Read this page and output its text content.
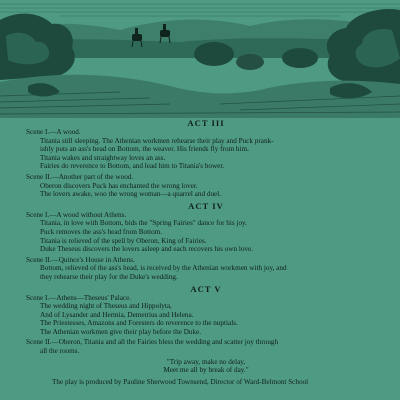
ACT III
Scene I.—A wood.
Titania still sleeping. The Athenian workmen rehearse their play and Puck prank-
ishly puts an ass's head on Bottom, the weaver. His friends fly from him.
Titania wakes and straightway loves an ass.
Fairies do reverence to Bottom, and lead him to Titania's bower.
Scene II.—Another part of the wood.
Oberon discovers Puck has enchanted the wrong lover.
The lovers awake, woo the wrong woman—a quarrel and duel.
ACT IV
Scene I.—A wood without Athens.
Titania, in love with Bottom, bids the "Spring Fairies" dance for his joy.
Puck removes the ass's head from Bottom.
Titania is relieved of the spell by Oberon, King of Fairies.
Duke Theseus discovers the lovers asleep and each recovers his own love.
Scene II.—Quince's House in Athens.
Bottom, relieved of the ass's head, is received by the Athenian workmen with joy, and
they rehearse their play for the Duke's wedding.
ACT V
Scene I.—Athens—Theseus' Palace.
The wedding night of Theseus and Hippolyta,
And of Lysander and Hermia, Demetrius and Helena.
The Priestesses, Amazons and Foresters do reverence to the nuptials.
The Athenian workmen give their play before the Duke.
Scene II.—Oberon, Titania and all the Fairies bless the wedding and scatter joy through
all the rooms.
"Trip away, make no delay,
Meet me all by break of day."
The play is produced by Pauline Sherwood Townsend, Director of Ward-Belmont School
